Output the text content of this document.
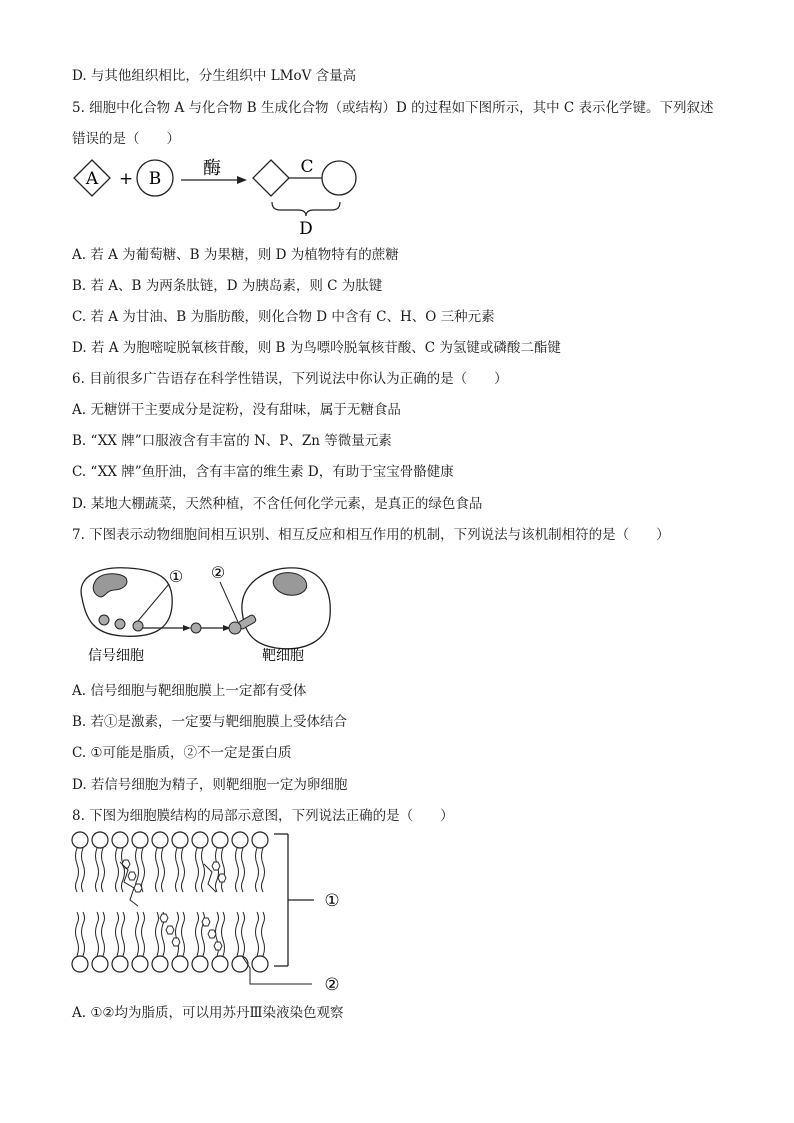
D. 与其他组织相比，分生组织中 LMoV 含量高
5. 细胞中化合物 A 与化合物 B 生成化合物（或结构）D 的过程如下图所示，其中 C 表示化学键。下列叙述
错误的是（　　）
A + B 酶	C
D
A. 若 A 为葡萄糖、B 为果糖，则 D 为植物特有的蔗糖
B. 若 A、B 为两条肽链，D 为胰岛素，则 C 为肽键
C. 若 A 为甘油、B 为脂肪酸，则化合物 D 中含有 C、H、O 三种元素
D. 若 A 为胞嘧啶脱氧核苷酸，则 B 为鸟嘌呤脱氧核苷酸、C 为氢键或磷酸二酯键
6. 目前很多广告语存在科学性错误，下列说法中你认为正确的是（　　）
A. 无糖饼干主要成分是淀粉，没有甜味，属于无糖食品
B. “XX 牌”口服液含有丰富的 N、P、Zn 等微量元素
C. “XX 牌”鱼肝油，含有丰富的维生素 D，有助于宝宝骨骼健康
D. 某地大棚蔬菜，天然种植，不含任何化学元素，是真正的绿色食品
7. 下图表示动物细胞间相互识别、相互反应和相互作用的机制，下列说法与该机制相符的是（　　）
① ②
信号细胞	靶细胞
A. 信号细胞与靶细胞膜上一定都有受体
B. 若①是激素，一定要与靶细胞膜上受体结合
C. ①可能是脂质，②不一定是蛋白质
D. 若信号细胞为精子，则靶细胞一定为卵细胞
8. 下图为细胞膜结构的局部示意图，下列说法正确的是（　　）
①
②
A. ①②均为脂质，可以用苏丹Ⅲ染液染色观察
